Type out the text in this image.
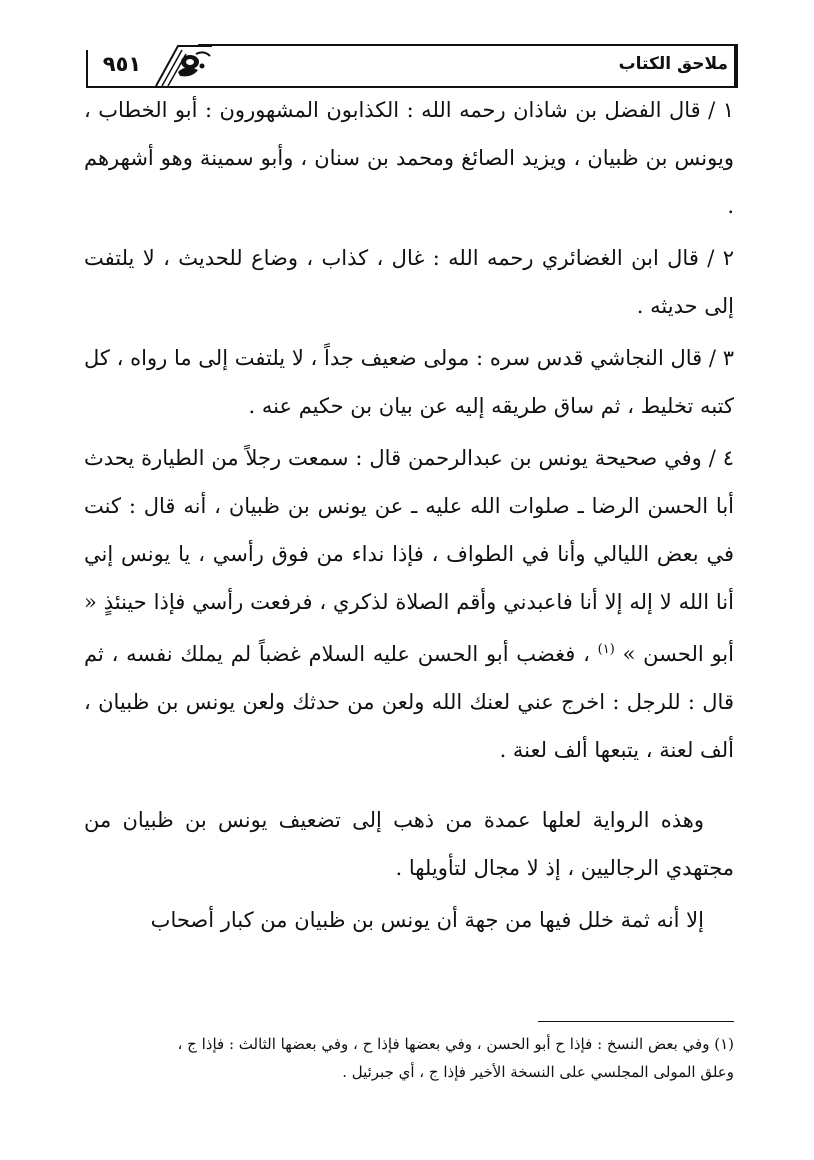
٩٥١	ملاحق الكتاب

١ / قال الفضل بن شاذان رحمه الله : الكذابون المشهورون : أبو الخطاب ، ويونس بن ظبيان ، ويزيد الصائغ ومحمد بن سنان ، وأبو سمينة وهو أشهرهم .

٢ / قال ابن الغضائري رحمه الله : غال ، كذاب ، وضاع للحديث ، لا يلتفت إلى حديثه .

٣ / قال النجاشي قدس سره : مولى ضعيف جداً ، لا يلتفت إلى ما رواه ، كل كتبه تخليط ، ثم ساق طريقه إليه عن بيان بن حكيم عنه .

٤ / وفي صحيحة يونس بن عبدالرحمن قال : سمعت رجلاً من الطيارة يحدث أبا الحسن الرضا ـ صلوات الله عليه ـ عن يونس بن ظبيان ، أنه قال : كنت في بعض الليالي وأنا في الطواف ، فإذا نداء من فوق رأسي ، يا يونس إني أنا الله لا إله إلا أنا فاعبدني وأقم الصلاة لذكري ، فرفعت رأسي فإذا حينئذٍ « أبو الحسن » $^{(١)}$ ، فغضب أبو الحسن عليه السلام غضباً لم يملك نفسه ، ثم قال : للرجل : اخرج عني لعنك الله ولعن من حدثك ولعن يونس بن ظبيان ، ألف لعنة ، يتبعها ألف لعنة .

وهذه الرواية لعلها عمدة من ذهب إلى تضعيف يونس بن ظبيان من مجتهدي الرجاليين ، إذ لا مجال لتأويلها .

إلا أنه ثمة خلل فيها من جهة أن يونس بن ظبيان من كبار أصحاب

(١) وفي بعض النسخ : فإذا ح أبو الحسن ، وفي بعضها فإذا ح ، وفي بعضها الثالث : فإذا ج ،

وعلق المولى المجلسي على النسخة الأخير فإذا ج ، أي جبرئيل .
